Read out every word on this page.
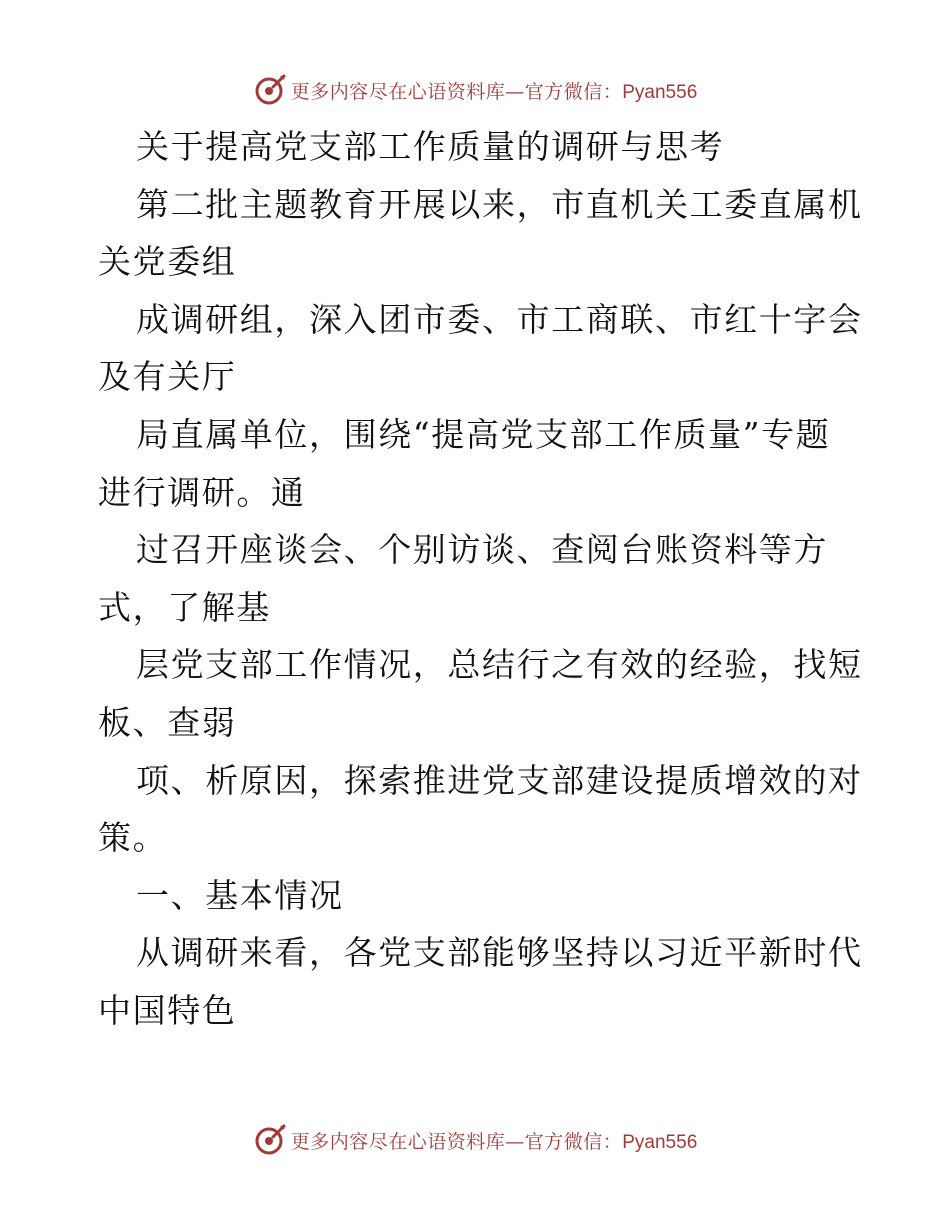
更多内容尽在心语资料库—官方微信：Pyan556
关于提高党支部工作质量的调研与思考
第二批主题教育开展以来，市直机关工委直属机
关党委组
成调研组，深入团市委、市工商联、市红十字会
及有关厅
局直属单位，围绕“提高党支部工作质量”专题
进行调研。通
过召开座谈会、个别访谈、查阅台账资料等方
式，了解基
层党支部工作情况，总结行之有效的经验，找短
板、查弱
项、析原因，探索推进党支部建设提质增效的对
策。
一、基本情况
从调研来看，各党支部能够坚持以习近平新时代
中国特色
更多内容尽在心语资料库—官方微信：Pyan556
